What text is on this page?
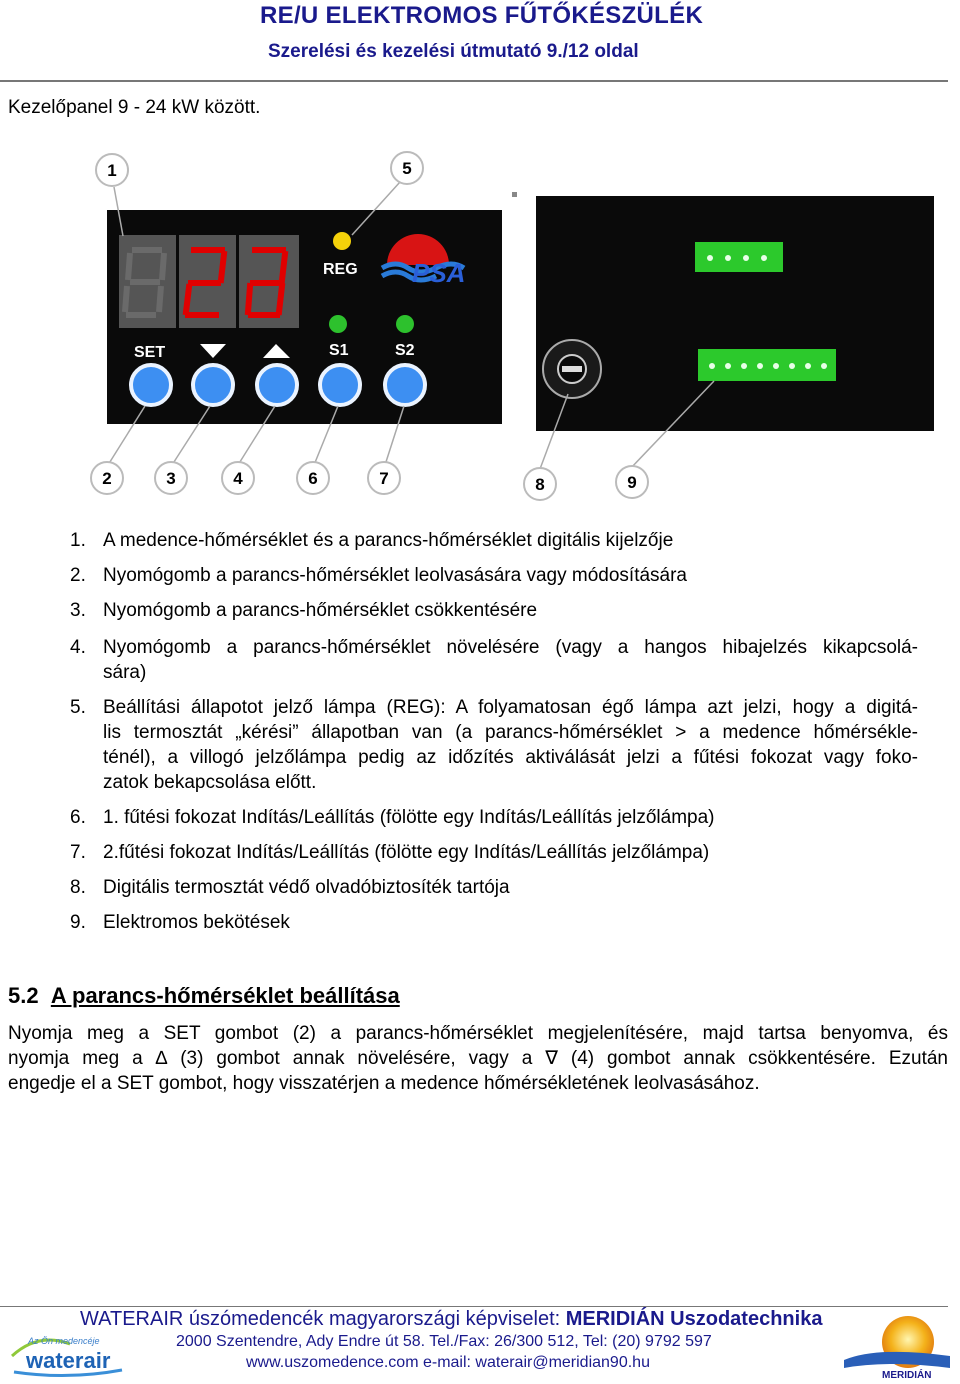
RE/U ELEKTROMOS FŰTŐKÉSZÜLÉK
Szerelési és kezelési útmutató 9./12 oldal
Kezelőpanel 9 - 24 kW között.
SET
REG
S1	S2
PSA
1
2	3	4
5
6	7	8	9
1. A medence-hőmérséklet és a parancs-hőmérséklet digitális kijelzője
2. Nyomógomb a parancs-hőmérséklet leolvasására vagy módosítására
3. Nyomógomb a parancs-hőmérséklet csökkentésére
4. Nyomógomb a parancs-hőmérséklet növelésére (vagy a hangos hibajelzés kikapcsolá-
sára)
5. Beállítási állapotot jelző lámpa (REG): A folyamatosan égő lámpa azt jelzi, hogy a digitá-
lis termosztát „kérési” állapotban van (a parancs-hőmérséklet > a medence hőmérsékle-
ténél), a villogó jelzőlámpa pedig az időzítés aktiválását jelzi a fűtési fokozat vagy foko-
zatok bekapcsolása előtt.
6. 1. fűtési fokozat Indítás/Leállítás (fölötte egy Indítás/Leállítás jelzőlámpa)
7. 2.fűtési fokozat Indítás/Leállítás (fölötte egy Indítás/Leállítás jelzőlámpa)
8. Digitális termosztát védő olvadóbiztosíték tartója
9. Elektromos bekötések
5.2 A parancs-hőmérséklet beállítása
Nyomja meg a SET gombot (2) a parancs-hőmérséklet megjelenítésére, majd tartsa benyomva, és
nyomja meg a ∆ (3) gombot annak növelésére, vagy a ∇ (4) gombot annak csökkentésére. Ezután
engedje el a SET gombot, hogy visszatérjen a medence hőmérsékletének leolvasásához.
WATERAIR úszómedencék magyarországi képviselet: MERIDIÁN Uszodatechnika
2000 Szentendre, Ady Endre út 58. Tel./Fax: 26/300 512, Tel: (20) 9792 597
www.uszomedence.com e-mail: waterair@meridian90.hu
Az Ön medencéje
waterair
MERIDIÁN
